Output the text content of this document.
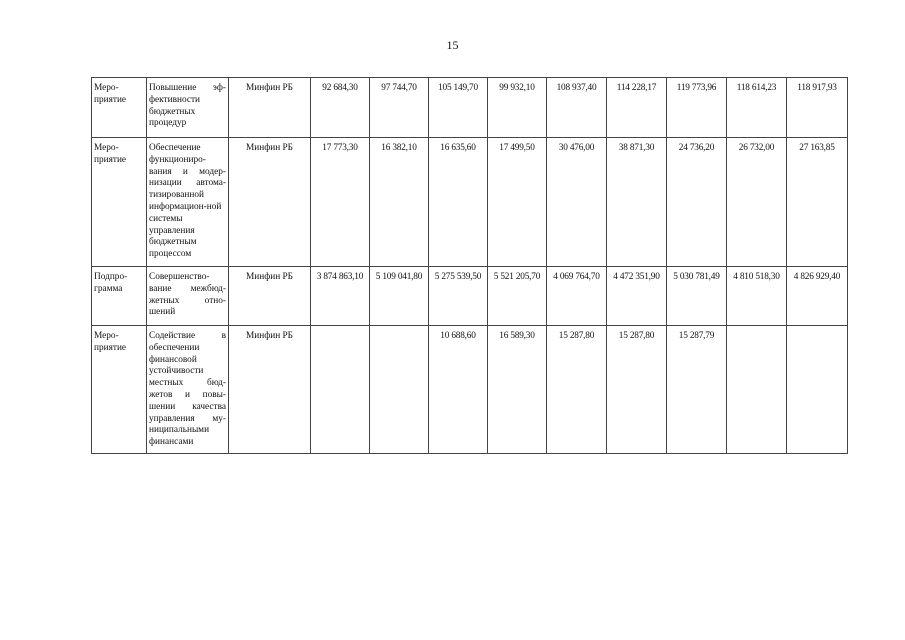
15
Меро-приятие	Повышение эф-фективности бюджетных процедур	Минфин РБ	92 684,30	97 744,70	105 149,70	99 932,10	108 937,40	114 228,17	119 773,96	118 614,23	118 917,93
Меро-приятие	Обеспечение функциониро-вания и модер-низации автома-тизированной информацион-ной системы управления бюджетным процессом	Минфин РБ	17 773,30	16 382,10	16 635,60	17 499,50	30 476,00	38 871,30	24 736,20	26 732,00	27 163,85
Подпро-грамма	Совершенство-вание межбюд-жетных отно-шений	Минфин РБ	3 874 863,10	5 109 041,80	5 275 539,50	5 521 205,70	4 069 764,70	4 472 351,90	5 030 781,49	4 810 518,30	4 826 929,40
Меро-приятие	Содействие в обеспечении финансовой устойчивости местных бюд-жетов и повы-шении качества управления му-ниципальными финансами	Минфин РБ			10 688,60	16 589,30	15 287,80	15 287,80	15 287,79		
